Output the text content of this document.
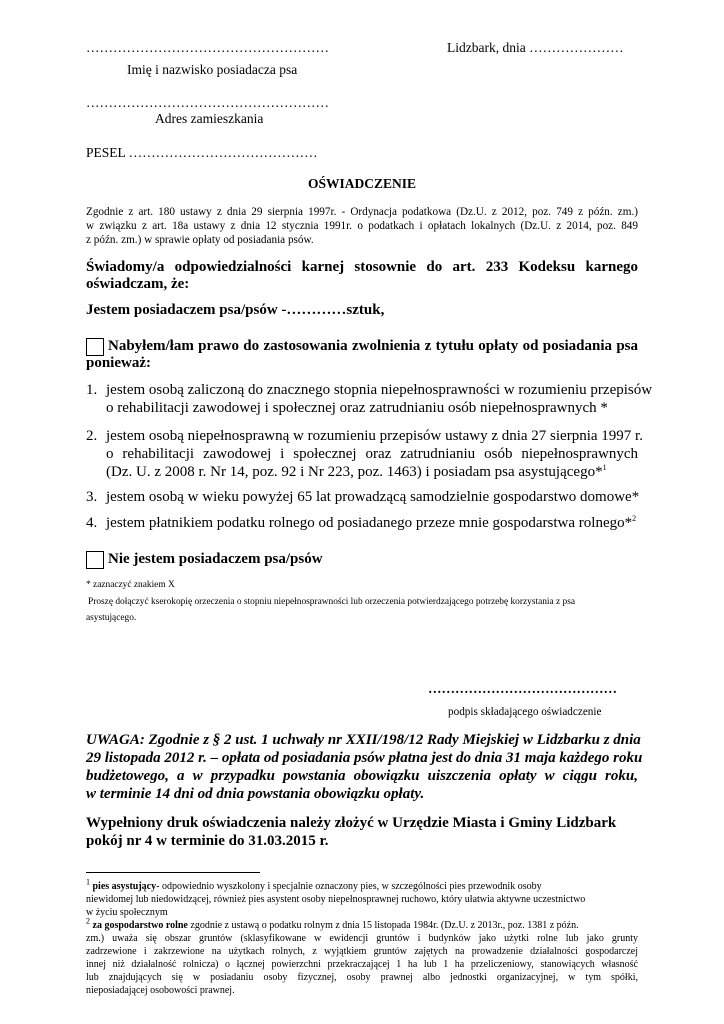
………………………………………………
Imię i nazwisko posiadacza psa
Lidzbark, dnia …………………
………………………………………………
Adres zamieszkania
PESEL ……………………………………
OŚWIADCZENIE
Zgodnie z art. 180 ustawy z dnia 29 sierpnia 1997r. - Ordynacja podatkowa (Dz.U. z 2012, poz. 749 z późn. zm.)
w związku z art. 18a ustawy z dnia 12 stycznia 1991r. o podatkach i opłatach lokalnych (Dz.U. z 2014, poz. 849
z późn. zm.) w sprawie opłaty od posiadania psów.
Świadomy/a odpowiedzialności karnej stosownie do art. 233 Kodeksu karnego
oświadczam, że:
Jestem posiadaczem psa/psów -…………sztuk,
Nabyłem/łam prawo do zastosowania zwolnienia z tytułu opłaty od posiadania psa
ponieważ:
1. jestem osobą zaliczoną do znacznego stopnia niepełnosprawności w rozumieniu przepisów
o rehabilitacji zawodowej i społecznej oraz zatrudnianiu osób niepełnosprawnych *
2. jestem osobą niepełnosprawną w rozumieniu przepisów ustawy z dnia 27 sierpnia 1997 r.
o rehabilitacji zawodowej i społecznej oraz zatrudnianiu osób niepełnosprawnych
(Dz. U. z 2008 r. Nr 14, poz. 92 i Nr 223, poz. 1463) i posiadam psa asystującego*$^1$
3. jestem osobą w wieku powyżej 65 lat prowadzącą samodzielnie gospodarstwo domowe*
4. jestem płatnikiem podatku rolnego od posiadanego przeze mnie gospodarstwa rolnego*$^2$
Nie jestem posiadaczem psa/psów
* zaznaczyć znakiem X
Proszę dołączyć kserokopię orzeczenia o stopniu niepełnosprawności lub orzeczenia potwierdzającego potrzebę korzystania z psa
asystującego.
……………………………………
podpis składającego oświadczenie
UWAGA: Zgodnie z § 2 ust. 1 uchwały nr XXII/198/12 Rady Miejskiej w Lidzbarku z dnia
29 listopada 2012 r. – opłata od posiadania psów płatna jest do dnia 31 maja każdego roku
budżetowego, a w przypadku powstania obowiązku uiszczenia opłaty w ciągu roku,
w terminie 14 dni od dnia powstania obowiązku opłaty.
Wypełniony druk oświadczenia należy złożyć w Urzędzie Miasta i Gminy Lidzbark
pokój nr 4 w terminie do 31.03.2015 r.
$^1$ pies asystujący- odpowiednio wyszkolony i specjalnie oznaczony pies, w szczególności pies przewodnik osoby
niewidomej lub niedowidzącej, również pies asystent osoby niepełnosprawnej ruchowo, który ułatwia aktywne uczestnictwo
w życiu społecznym
$^2$ za gospodarstwo rolne zgodnie z ustawą o podatku rolnym z dnia 15 listopada 1984r. (Dz.U. z 2013r., poz. 1381 z późn.
zm.) uważa się obszar gruntów (sklasyfikowane w ewidencji gruntów i budynków jako użytki rolne lub jako grunty
zadrzewione i zakrzewione na użytkach rolnych, z wyjątkiem gruntów zajętych na prowadzenie działalności gospodarczej
innej niż działalność rolnicza) o łącznej powierzchni przekraczającej 1 ha lub 1 ha przeliczeniowy, stanowiących własność
lub znajdujących się w posiadaniu osoby fizycznej, osoby prawnej albo jednostki organizacyjnej, w tym spółki,
nieposiadającej osobowości prawnej.
